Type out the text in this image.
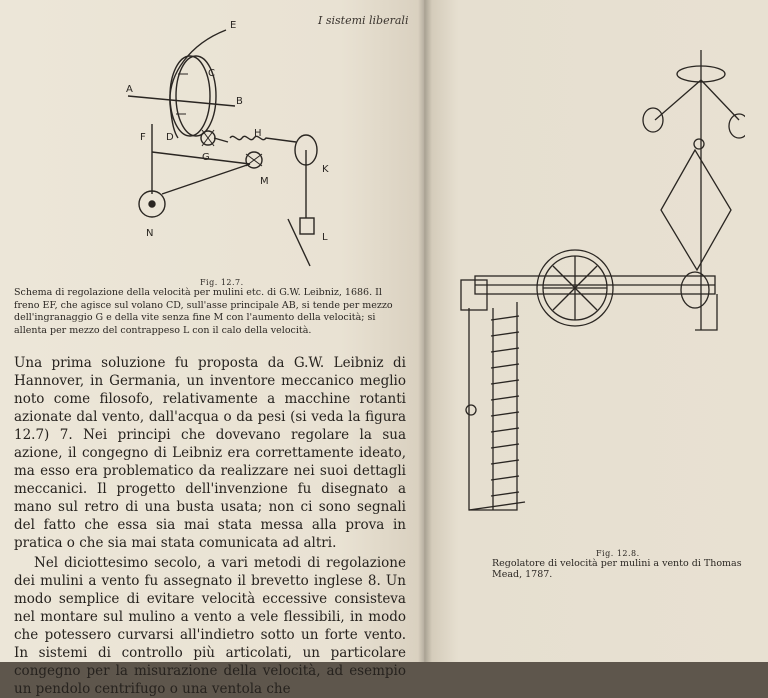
I sistemi liberali
E
C
A
B
F D
G
H
K
M
N	L
Fig. 12.7.
Schema di regolazione della velocità per mulini etc. di G.W. Leibniz, 1686. Il freno EF, che agisce sul volano CD, sull'asse principale AB, si tende per mezzo dell'ingranaggio G e della vite senza fine M con l'aumento della velocità; si allenta per mezzo del contrappeso L con il calo della velocità.

Una prima soluzione fu proposta da G.W. Leibniz di Hannover, in Germania, un inventore meccanico meglio noto come filosofo, relativamente a macchine rotanti azionate dal vento, dall'acqua o da pesi (si veda la figura 12.7) 7. Nei principi che dovevano regolare la sua azione, il congegno di Leibniz era correttamente ideato, ma esso era problematico da realizzare nei suoi dettagli meccanici. Il progetto dell'invenzione fu disegnato a mano sul retro di una busta usata; non ci sono segnali del fatto che essa sia mai stata messa alla prova in pratica o che sia mai stata comunicata ad altri.

Nel diciottesimo secolo, a vari metodi di regolazione dei mulini a vento fu assegnato il brevetto inglese 8. Un modo semplice di evitare velocità eccessive consisteva nel montare sul mulino a vento a vele flessibili, in modo che potessero curvarsi all'indietro sotto un forte vento. In sistemi di controllo più articolati, un particolare congegno per la misurazione della velocità, ad esempio un pendolo centrifugo o una ventola che

Fig. 12.8.
Regolatore di velocità per mulini a vento di Thomas Mead, 1787.
